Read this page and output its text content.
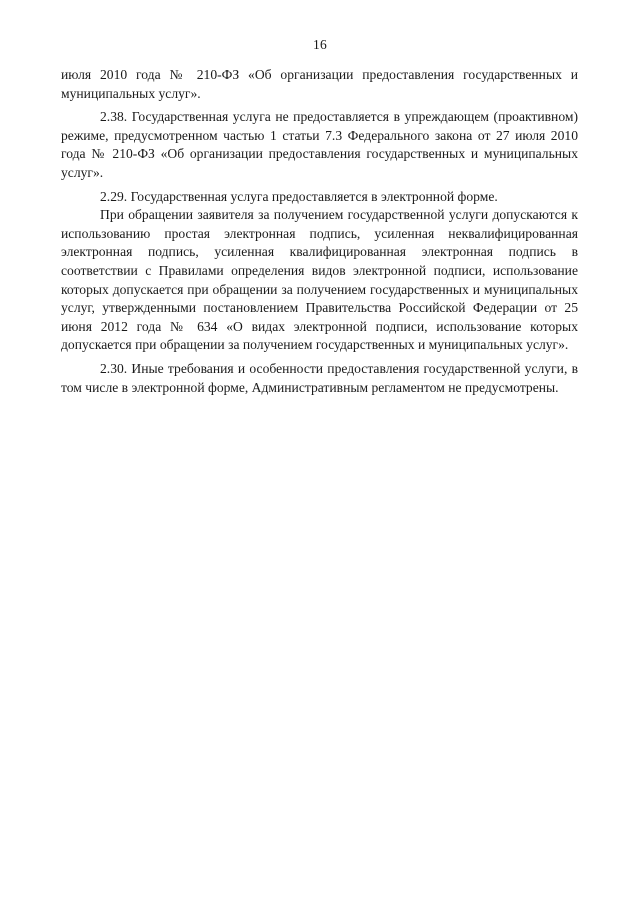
16

июля 2010 года № 210-ФЗ «Об организации предоставления государственных и муниципальных услуг».

2.38. Государственная услуга не предоставляется в упреждающем (проактивном) режиме, предусмотренном частью 1 статьи 7.3 Федерального закона от 27 июля 2010 года № 210-ФЗ «Об организации предоставления государственных и муниципальных услуг».

2.29. Государственная услуга предоставляется в электронной форме.

При обращении заявителя за получением государственной услуги допускаются к использованию простая электронная подпись, усиленная неквалифицированная электронная подпись, усиленная квалифицированная электронная подпись в соответствии с Правилами определения видов электронной подписи, использование которых допускается при обращении за получением государственных и муниципальных услуг, утвержденными постановлением Правительства Российской Федерации от 25 июня 2012 года № 634 «О видах электронной подписи, использование которых допускается при обращении за получением государственных и муниципальных услуг».

2.30. Иные требования и особенности предоставления государственной услуги, в том числе в электронной форме, Административным регламентом не предусмотрены.
